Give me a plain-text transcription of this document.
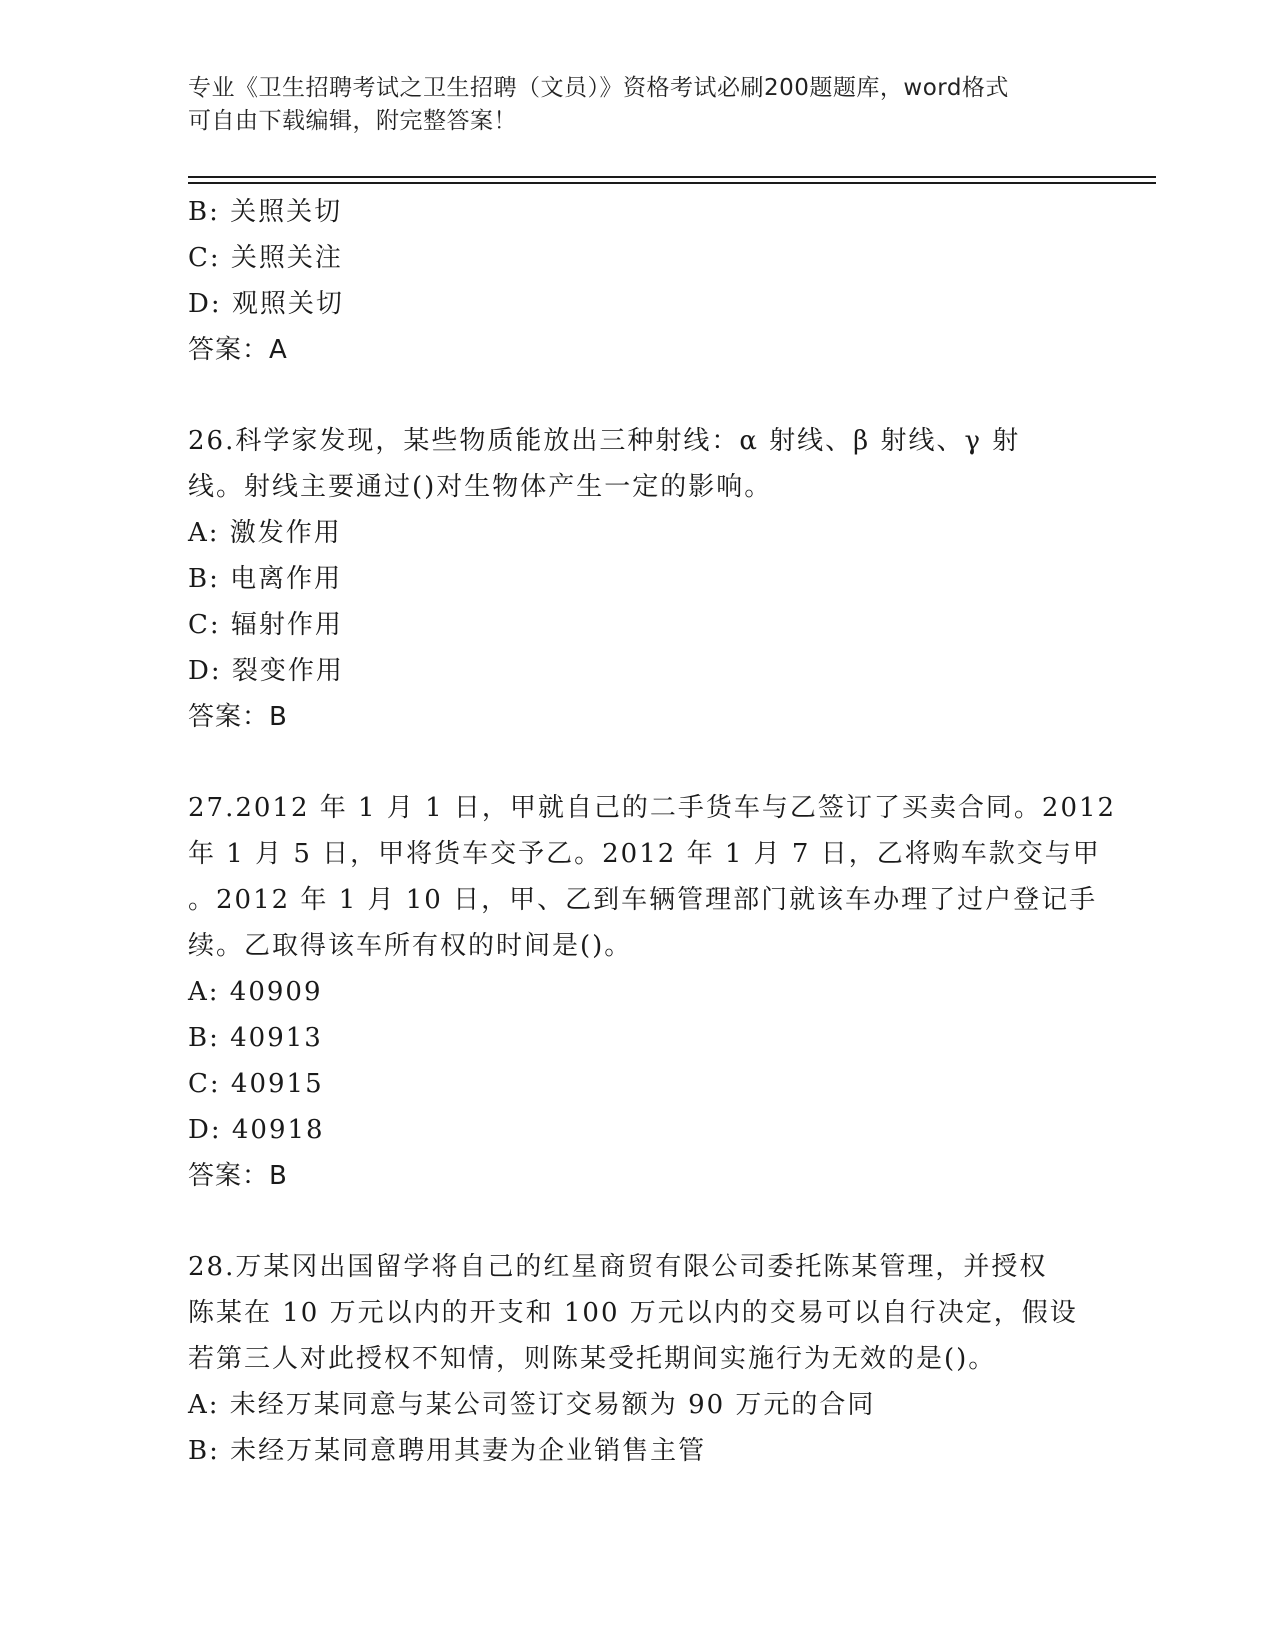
专业《卫生招聘考试之卫生招聘（文员）》资格考试必刷200题题库，word格式
可自由下载编辑，附完整答案！
B: 关照关切
C: 关照关注
D: 观照关切
答案：A
26.科学家发现，某些物质能放出三种射线：α 射线、β 射线、γ 射
线。射线主要通过()对生物体产生一定的影响。
A: 激发作用
B: 电离作用
C: 辐射作用
D: 裂变作用
答案：B
27.2012 年 1 月 1 日，甲就自己的二手货车与乙签订了买卖合同。2012
年 1 月 5 日，甲将货车交予乙。2012 年 1 月 7 日，乙将购车款交与甲
。2012 年 1 月 10 日，甲、乙到车辆管理部门就该车办理了过户登记手
续。乙取得该车所有权的时间是()。
A: 40909
B: 40913
C: 40915
D: 40918
答案：B
28.万某冈出国留学将自己的红星商贸有限公司委托陈某管理，并授权
陈某在 10 万元以内的开支和 100 万元以内的交易可以自行决定，假设
若第三人对此授权不知情，则陈某受托期间实施行为无效的是()。
A: 未经万某同意与某公司签订交易额为 90 万元的合同
B: 未经万某同意聘用其妻为企业销售主管
